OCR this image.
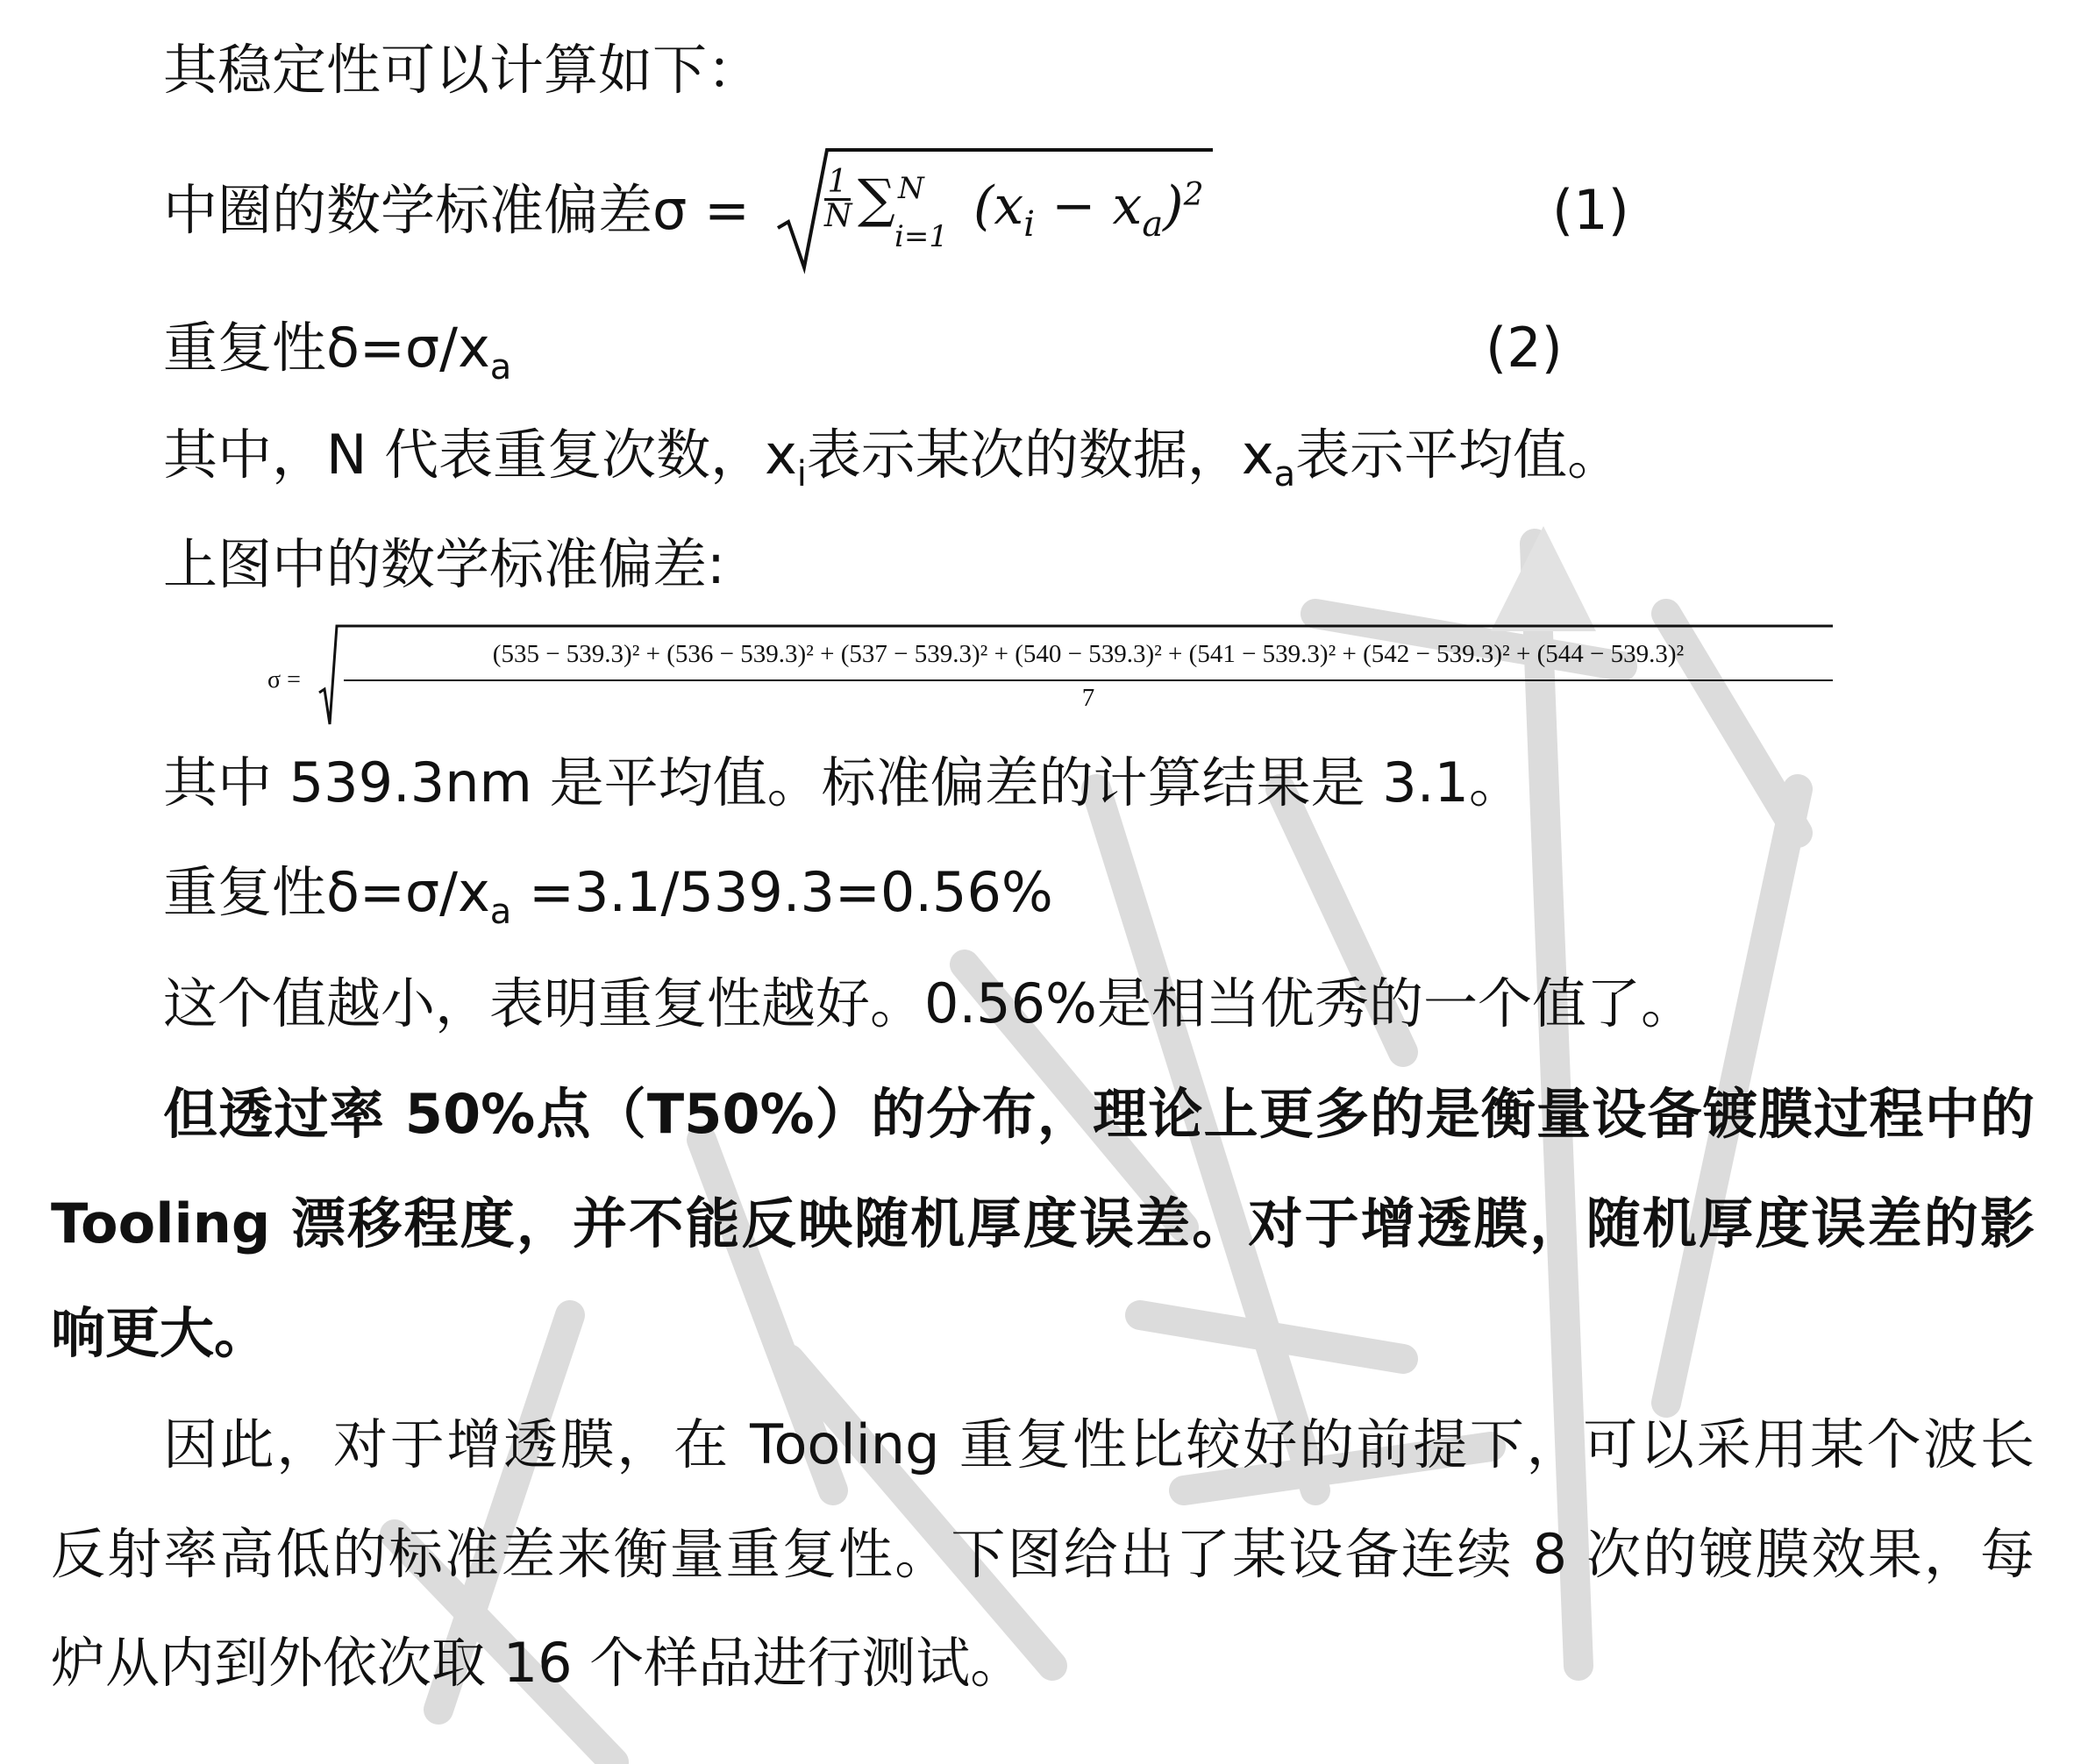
其稳定性可以计算如下：
中圈的数学标准偏差$\sigma = \frac{1}{N}$ ∑ N
i=1 $(x_i - x_a)^2$	(1)
重复性$\delta=\sigma/x_a$	(2)
其中，N 代表重复次数，$x_i$表示某次的数据，$x_a$表示平均值。
上图中的数学标准偏差:
σ =
(535 − 539.3)² + (536 − 539.3)² + (537 − 539.3)² + (540 − 539.3)² + (541 − 539.3)² + (542 − 539.3)² + (544 − 539.3)²
7
其中 539.3nm 是平均值。标准偏差的计算结果是 3.1。
重复性$\delta=\sigma/x_a =3.1/539.3=0.56\%$
这个值越小，表明重复性越好。0.56%是相当优秀的一个值了。
但透过率 50%点（T50%）的分布，理论上更多的是衡量设备镀膜过程中的
Tooling 漂移程度，并不能反映随机厚度误差。对于增透膜，随机厚度误差的影
响更大。
因此，对于增透膜，在 Tooling 重复性比较好的前提下，可以采用某个波长
反射率高低的标准差来衡量重复性。下图给出了某设备连续 8 次的镀膜效果，每
炉从内到外依次取 16 个样品进行测试。
